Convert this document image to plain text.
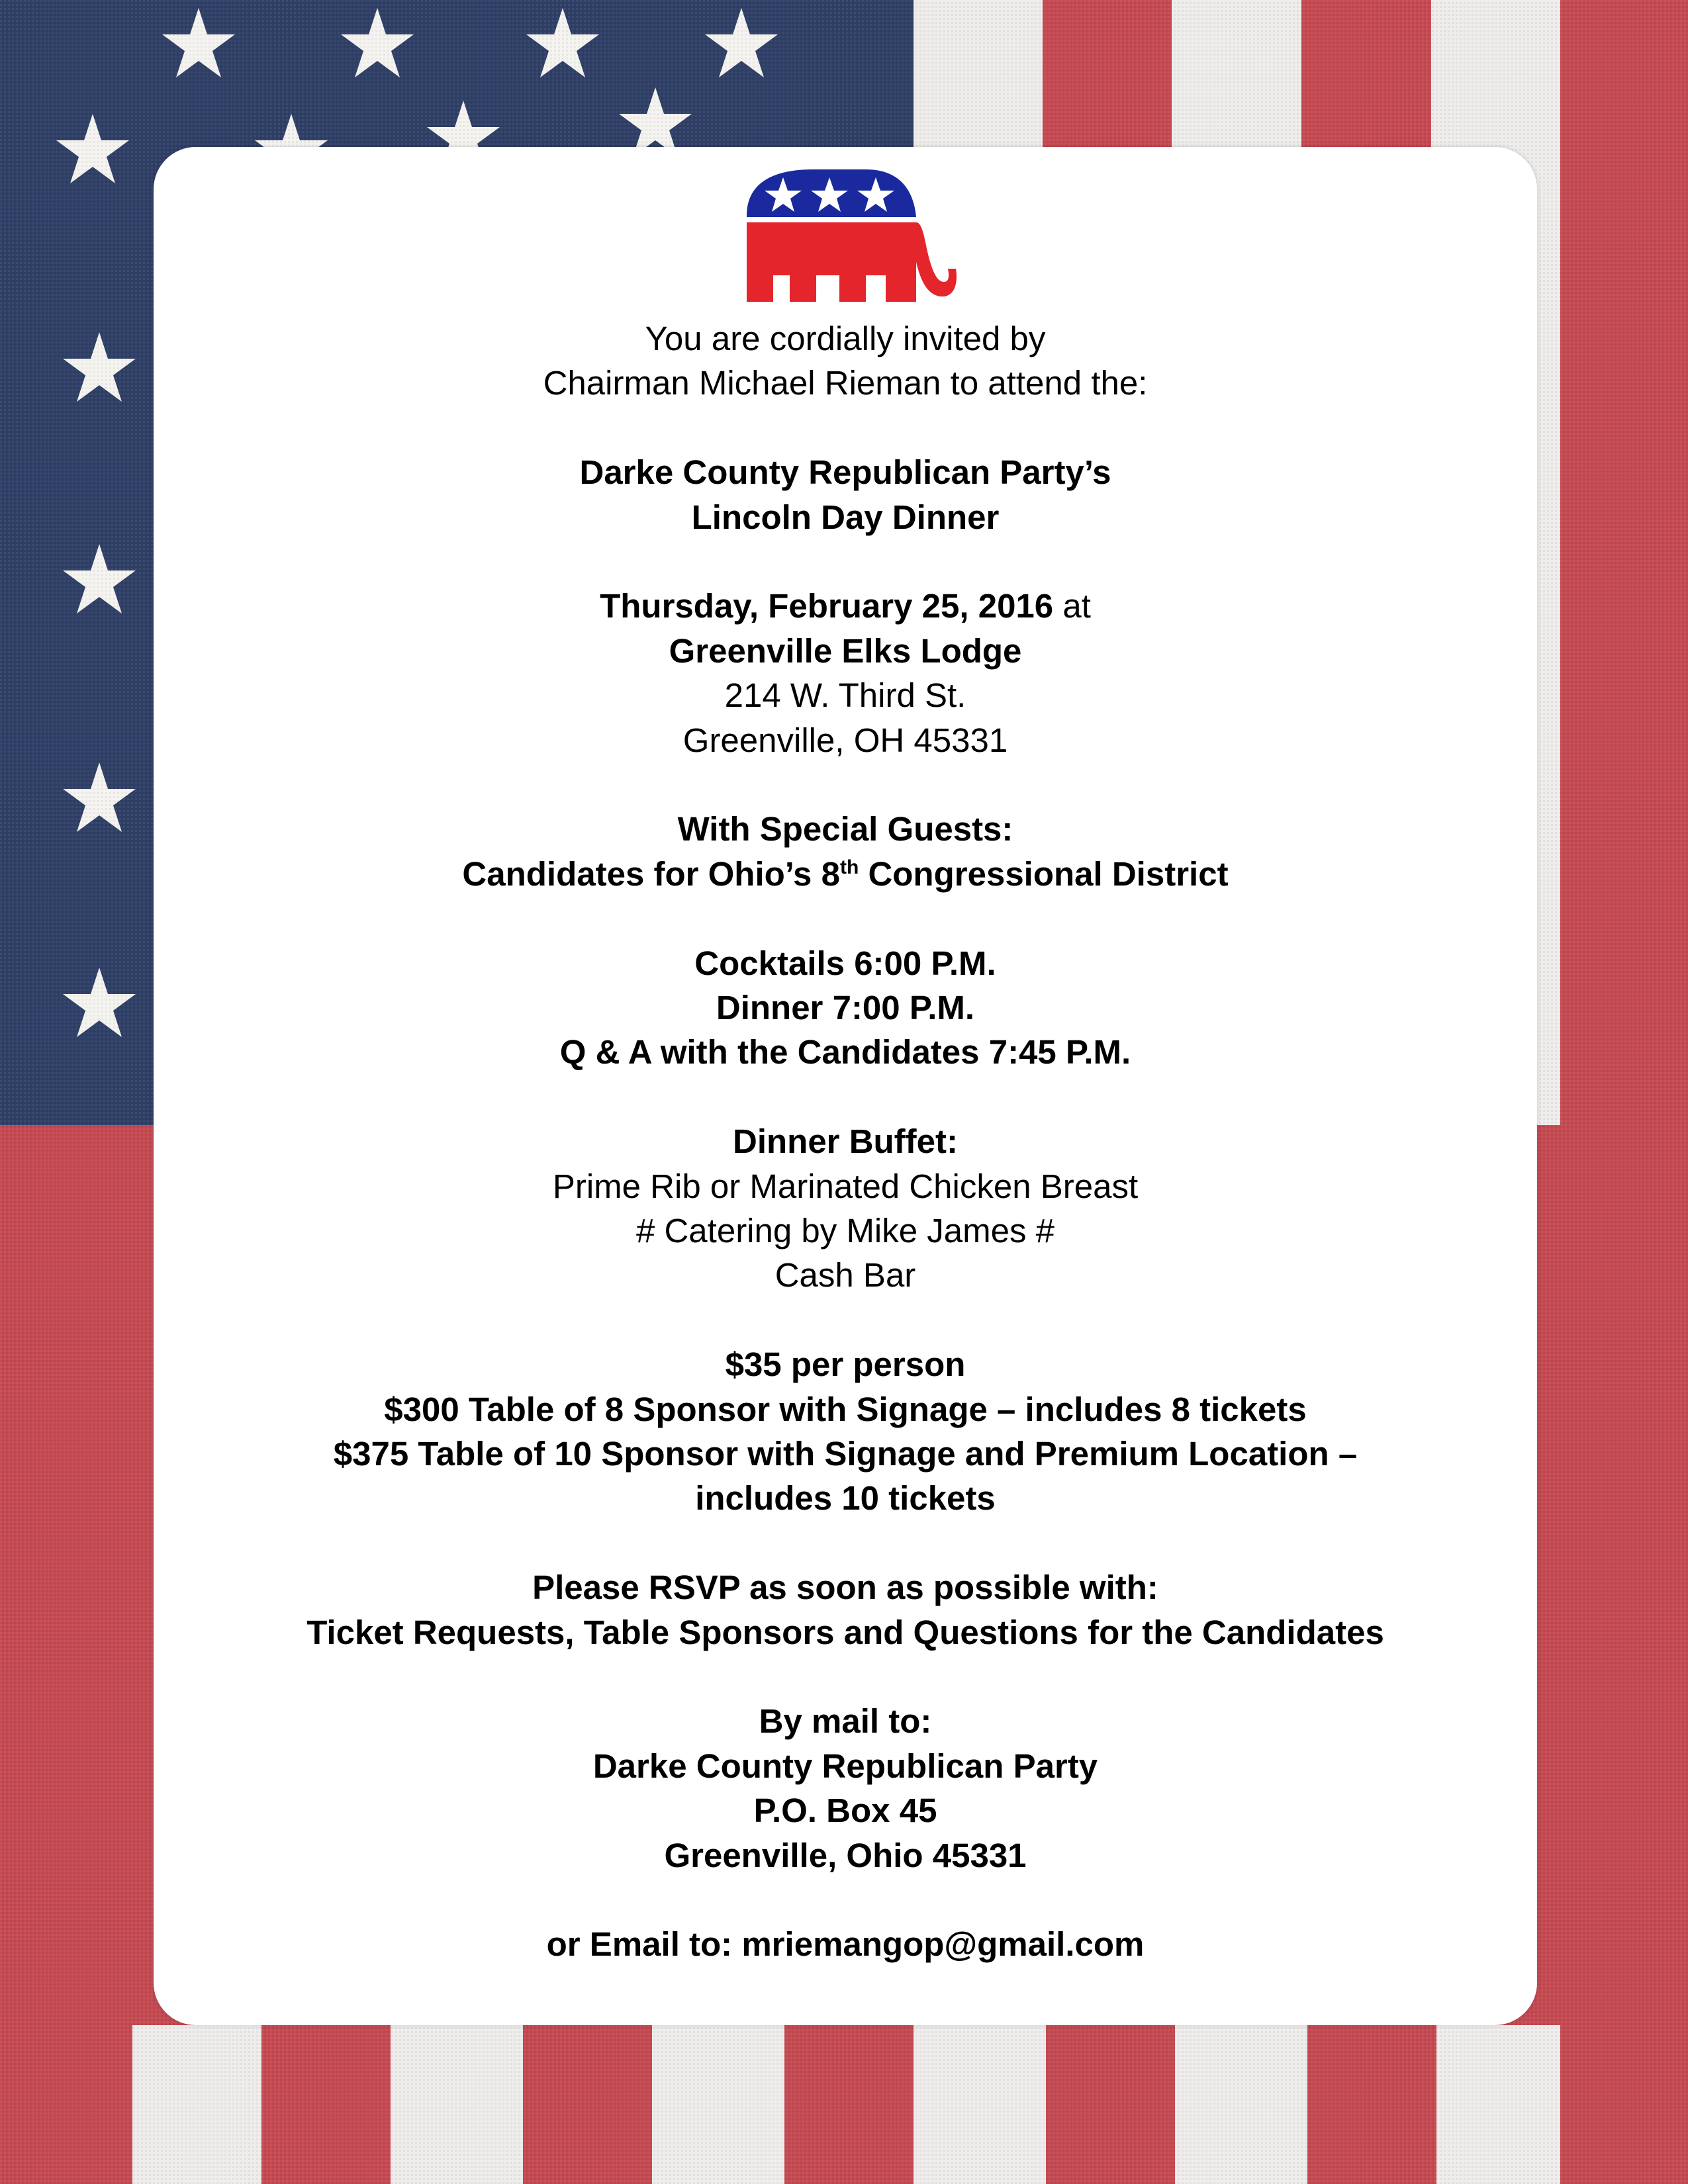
You are cordially invited by

Chairman Michael Rieman to attend the:

Darke County Republican Party’s

Lincoln Day Dinner

Thursday, February 25, 2016 at

Greenville Elks Lodge

214 W. Third St.

Greenville, OH 45331

With Special Guests:

Candidates for Ohio’s 8th Congressional District

Cocktails 6:00 P.M.

Dinner 7:00 P.M.

Q & A with the Candidates 7:45 P.M.

Dinner Buffet:

Prime Rib or Marinated Chicken Breast

# Catering by Mike James #

Cash Bar

$35 per person

$300 Table of 8 Sponsor with Signage – includes 8 tickets

$375 Table of 10 Sponsor with Signage and Premium Location –

includes 10 tickets

Please RSVP as soon as possible with:

Ticket Requests, Table Sponsors and Questions for the Candidates

By mail to:

Darke County Republican Party

P.O. Box 45

Greenville, Ohio 45331

or Email to: mriemangop@gmail.com
